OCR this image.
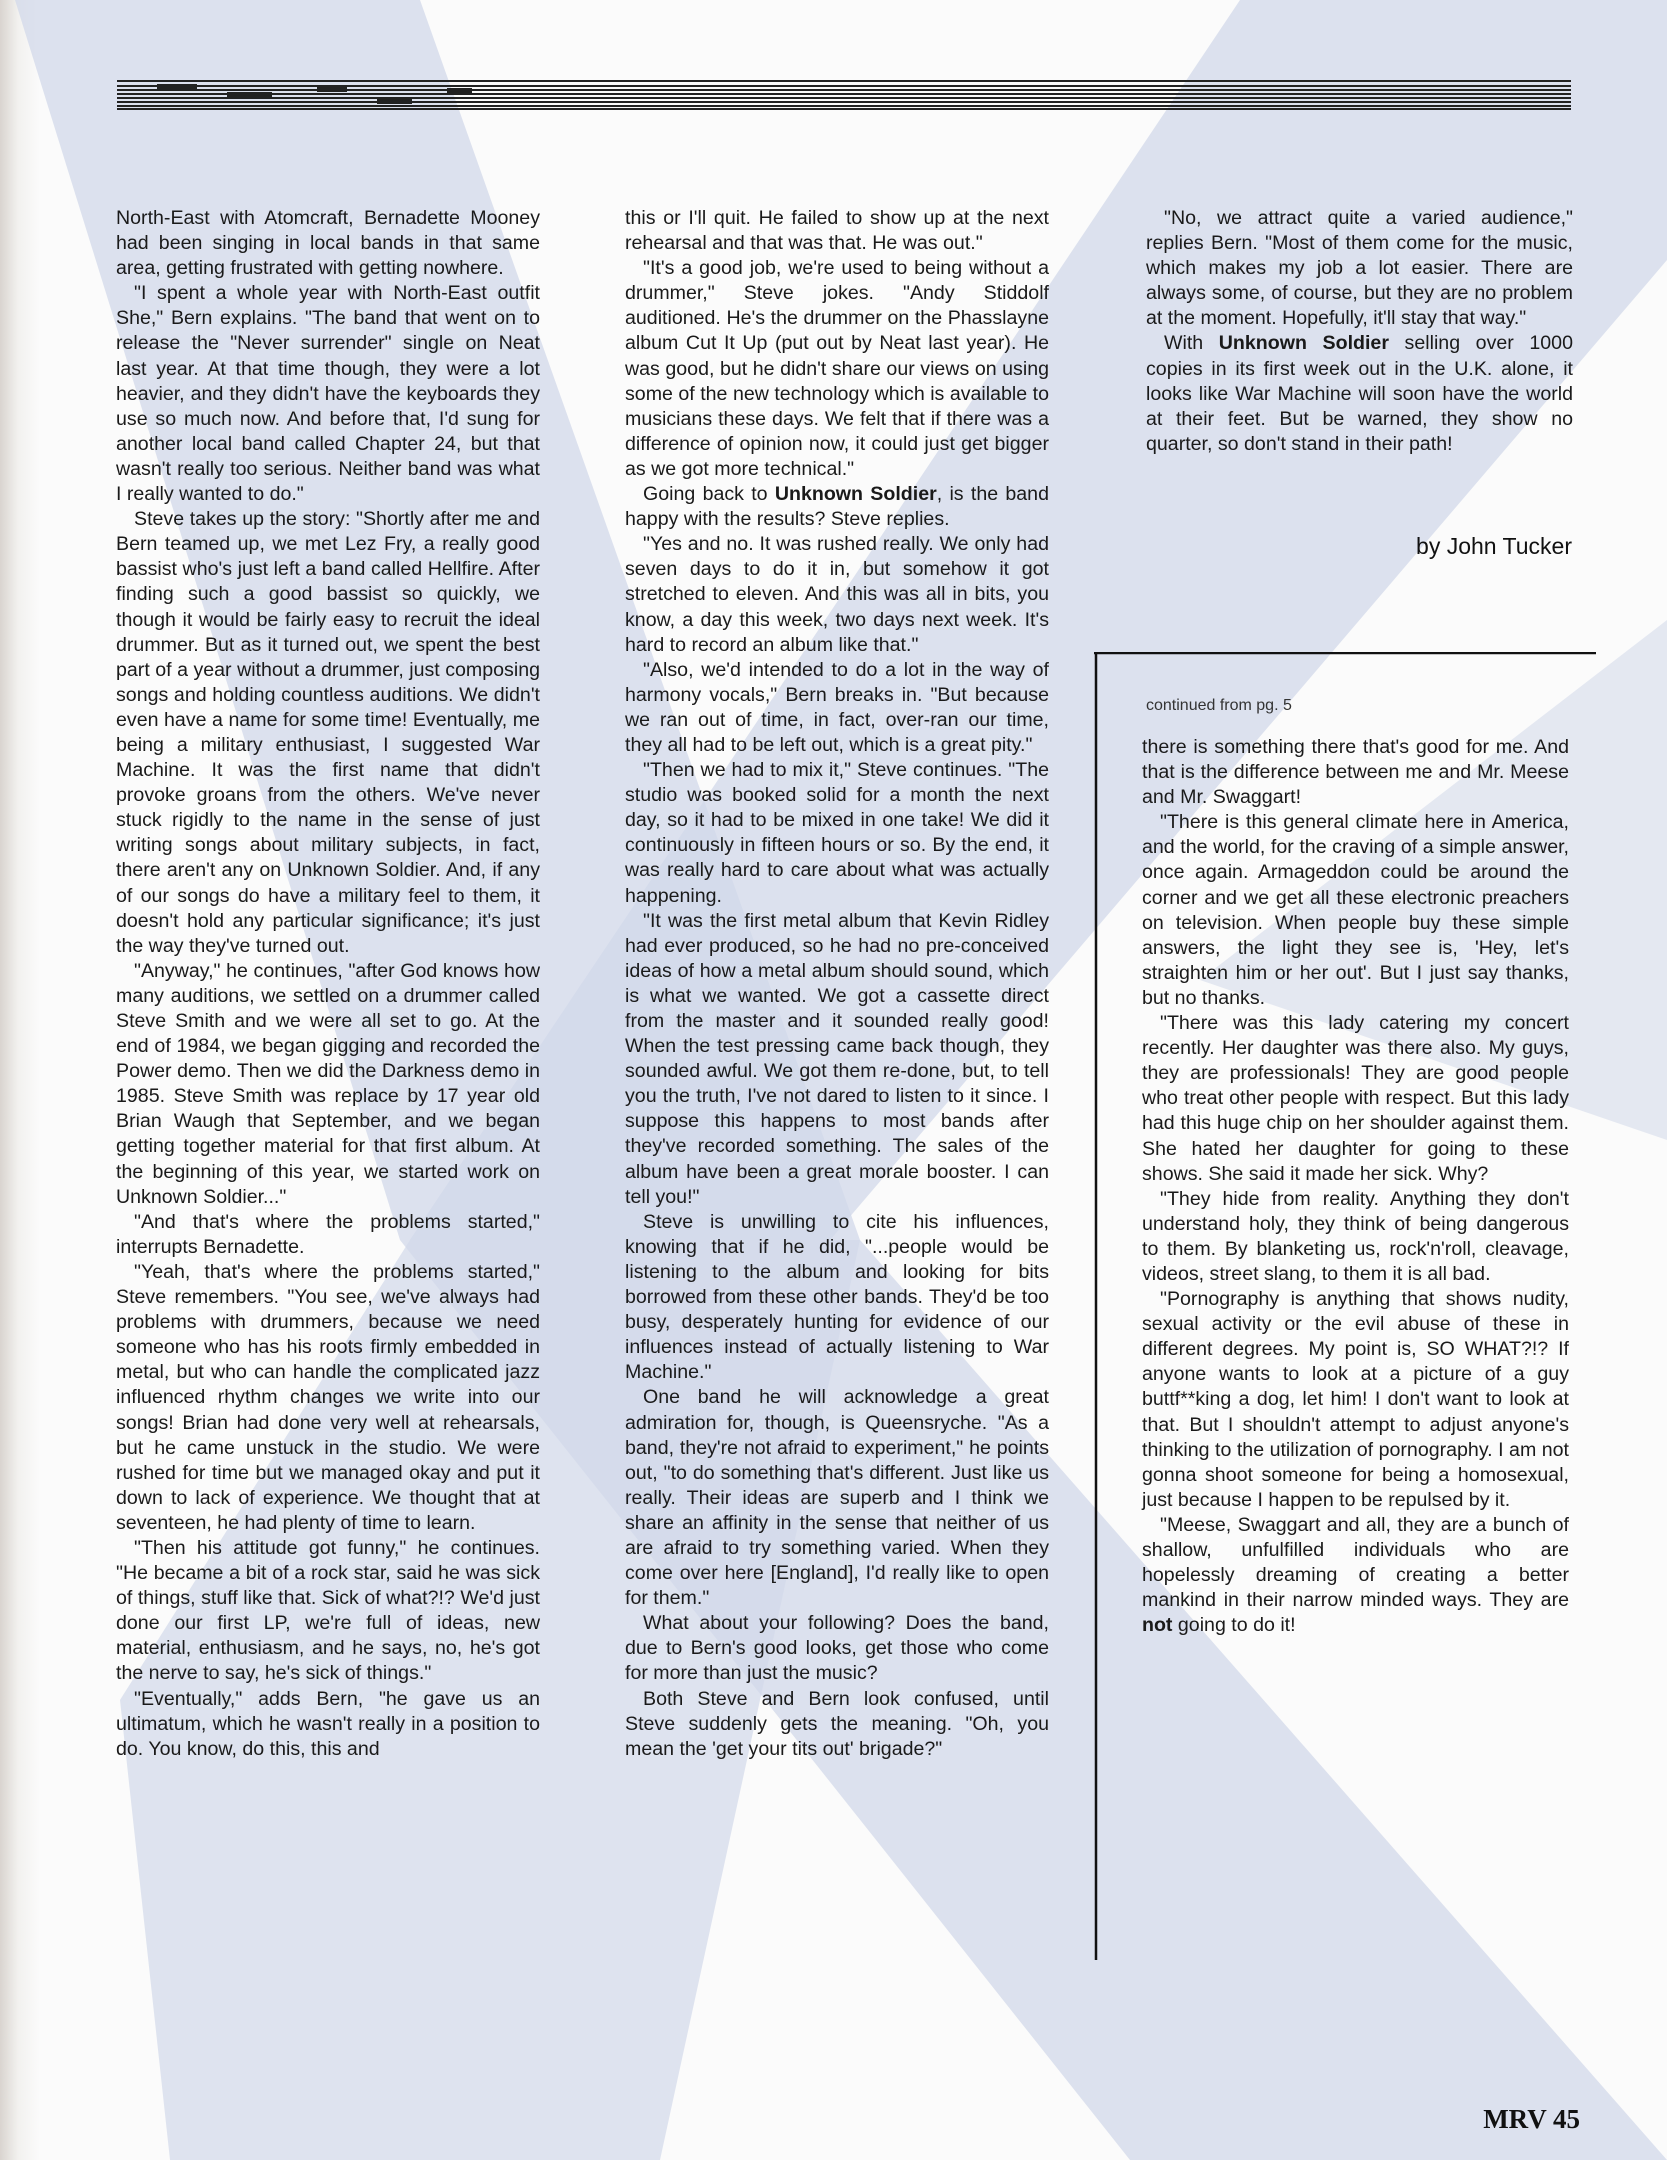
North-East with Atomcraft, Bernadette Mooney had been singing in local bands in that same area, getting frustrated with getting nowhere.

"I spent a whole year with North-East outfit She," Bern explains. "The band that went on to release the "Never surrender" single on Neat last year. At that time though, they were a lot heavier, and they didn't have the keyboards they use so much now. And before that, I'd sung for another local band called Chapter 24, but that wasn't really too serious. Neither band was what I really wanted to do."

Steve takes up the story: "Shortly after me and Bern teamed up, we met Lez Fry, a really good bassist who's just left a band called Hellfire. After finding such a good bassist so quickly, we though it would be fairly easy to recruit the ideal drummer. But as it turned out, we spent the best part of a year without a drummer, just composing songs and holding countless auditions. We didn't even have a name for some time! Eventually, me being a military enthusiast, I suggested War Machine. It was the first name that didn't provoke groans from the others. We've never stuck rigidly to the name in the sense of just writing songs about military subjects, in fact, there aren't any on Unknown Soldier. And, if any of our songs do have a military feel to them, it doesn't hold any particular significance; it's just the way they've turned out.

"Anyway," he continues, "after God knows how many auditions, we settled on a drummer called Steve Smith and we were all set to go. At the end of 1984, we began gigging and recorded the Power demo. Then we did the Darkness demo in 1985. Steve Smith was replace by 17 year old Brian Waugh that September, and we began getting together material for that first album. At the beginning of this year, we started work on Unknown Soldier..."

"And that's where the problems started," interrupts Bernadette.

"Yeah, that's where the problems started," Steve remembers. "You see, we've always had problems with drummers, because we need someone who has his roots firmly embedded in metal, but who can handle the complicated jazz influenced rhythm changes we write into our songs! Brian had done very well at rehearsals, but he came unstuck in the studio. We were rushed for time but we managed okay and put it down to lack of experience. We thought that at seventeen, he had plenty of time to learn.

"Then his attitude got funny," he continues. "He became a bit of a rock star, said he was sick of things, stuff like that. Sick of what?!? We'd just done our first LP, we're full of ideas, new material, enthusiasm, and he says, no, he's got the nerve to say, he's sick of things."

"Eventually," adds Bern, "he gave us an ultimatum, which he wasn't really in a position to do. You know, do this, this and

this or I'll quit. He failed to show up at the next rehearsal and that was that. He was out."

"It's a good job, we're used to being without a drummer," Steve jokes. "Andy Stiddolf auditioned. He's the drummer on the Phasslayne album Cut It Up (put out by Neat last year). He was good, but he didn't share our views on using some of the new technology which is available to musicians these days. We felt that if there was a difference of opinion now, it could just get bigger as we got more technical."

Going back to Unknown Soldier, is the band happy with the results? Steve replies.

"Yes and no. It was rushed really. We only had seven days to do it in, but somehow it got stretched to eleven. And this was all in bits, you know, a day this week, two days next week. It's hard to record an album like that."

"Also, we'd intended to do a lot in the way of harmony vocals," Bern breaks in. "But because we ran out of time, in fact, over-ran our time, they all had to be left out, which is a great pity."

"Then we had to mix it," Steve continues. "The studio was booked solid for a month the next day, so it had to be mixed in one take! We did it continuously in fifteen hours or so. By the end, it was really hard to care about what was actually happening.

"It was the first metal album that Kevin Ridley had ever produced, so he had no pre-conceived ideas of how a metal album should sound, which is what we wanted. We got a cassette direct from the master and it sounded really good! When the test pressing came back though, they sounded awful. We got them re-done, but, to tell you the truth, I've not dared to listen to it since. I suppose this happens to most bands after they've recorded something. The sales of the album have been a great morale booster. I can tell you!"

Steve is unwilling to cite his influences, knowing that if he did, "...people would be listening to the album and looking for bits borrowed from these other bands. They'd be too busy, desperately hunting for evidence of our influences instead of actually listening to War Machine."

One band he will acknowledge a great admiration for, though, is Queensryche. "As a band, they're not afraid to experiment," he points out, "to do something that's different. Just like us really. Their ideas are superb and I think we share an affinity in the sense that neither of us are afraid to try something varied. When they come over here [England], I'd really like to open for them."

What about your following? Does the band, due to Bern's good looks, get those who come for more than just the music?

Both Steve and Bern look confused, until Steve suddenly gets the meaning. "Oh, you mean the 'get your tits out' brigade?"

"No, we attract quite a varied audience," replies Bern. "Most of them come for the music, which makes my job a lot easier. There are always some, of course, but they are no problem at the moment. Hopefully, it'll stay that way."

With Unknown Soldier selling over 1000 copies in its first week out in the U.K. alone, it looks like War Machine will soon have the world at their feet. But be warned, they show no quarter, so don't stand in their path!

by John Tucker
continued from pg. 5

there is something there that's good for me. And that is the difference between me and Mr. Meese and Mr. Swaggart!

"There is this general climate here in America, and the world, for the craving of a simple answer, once again. Armageddon could be around the corner and we get all these electronic preachers on television. When people buy these simple answers, the light they see is, 'Hey, let's straighten him or her out'. But I just say thanks, but no thanks.

"There was this lady catering my concert recently. Her daughter was there also. My guys, they are professionals! They are good people who treat other people with respect. But this lady had this huge chip on her shoulder against them. She hated her daughter for going to these shows. She said it made her sick. Why?

"They hide from reality. Anything they don't understand holy, they think of being dangerous to them. By blanketing us, rock'n'roll, cleavage, videos, street slang, to them it is all bad.

"Pornography is anything that shows nudity, sexual activity or the evil abuse of these in different degrees. My point is, SO WHAT?!? If anyone wants to look at a picture of a guy buttf**king a dog, let him! I don't want to look at that. But I shouldn't attempt to adjust anyone's thinking to the utilization of pornography. I am not gonna shoot someone for being a homosexual, just because I happen to be repulsed by it.

"Meese, Swaggart and all, they are a bunch of shallow, unfulfilled individuals who are hopelessly dreaming of creating a better mankind in their narrow minded ways. They are not going to do it!

MRV 45
